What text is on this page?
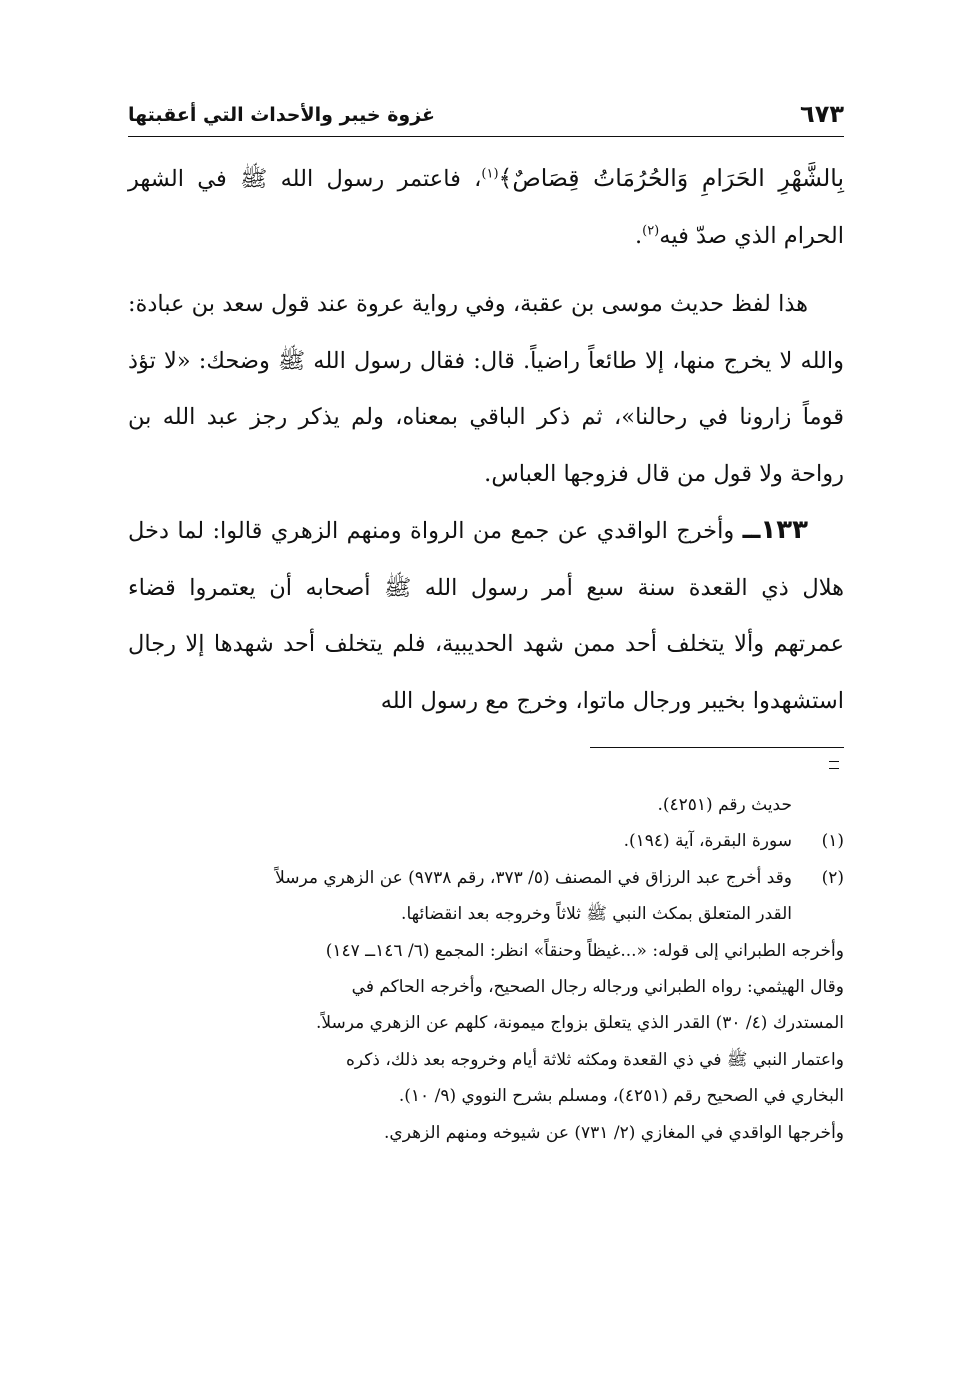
٦٧٣
غزوة خيبر والأحداث التي أعقبتها

بِالشَّهْرِ الحَرَامِ وَالحُرُمَاتُ قِصَاصٌ﴾$^{(١)}$، فاعتمر رسول الله ﷺ في الشهر الحرام الذي صدّ فيه$^{(٢)}$.

هذا لفظ حديث موسى بن عقبة، وفي رواية عروة عند قول سعد بن عبادة: والله لا يخرج منها، إلا طائعاً راضياً. قال: فقال رسول الله ﷺ وضحك: «لا تؤذ قوماً زارونا في رحالنا»، ثم ذكر الباقي بمعناه، ولم يذكر رجز عبد الله بن رواحة ولا قول من قال فزوجها العباس.

١٣٣ــ وأخرج الواقدي عن جمع من الرواة ومنهم الزهري قالوا: لما دخل هلال ذي القعدة سنة سبع أمر رسول الله ﷺ أصحابه أن يعتمروا قضاء عمرتهم وألا يتخلف أحد ممن شهد الحديبية، فلم يتخلف أحد شهدها إلا رجال استشهدوا بخيبر ورجال ماتوا، وخرج مع رسول الله

حديث رقم (٤٢٥١).

(١)
سورة البقرة، آية (١٩٤).

(٢)
وقد أخرج عبد الرزاق في المصنف (٥/ ٣٧٣، رقم ٩٧٣٨) عن الزهري مرسلاً

القدر المتعلق بمكث النبي ﷺ ثلاثاً وخروجه بعد انقضائها.

وأخرجه الطبراني إلى قوله: «...غيظاً وحنقاً» انظر: المجمع (٦/ ١٤٦ــ ١٤٧)

وقال الهيثمي: رواه الطبراني ورجاله رجال الصحيح، وأخرجه الحاكم في

المستدرك (٤/ ٣٠) القدر الذي يتعلق بزواج ميمونة، كلهم عن الزهري مرسلاً.

واعتمار النبي ﷺ في ذي القعدة ومكثه ثلاثة أيام وخروجه بعد ذلك، ذكره

البخاري في الصحيح رقم (٤٢٥١)، ومسلم بشرح النووي (٩/ ١٠).

وأخرجها الواقدي في المغازي (٢/ ٧٣١) عن شيوخه ومنهم الزهري.
